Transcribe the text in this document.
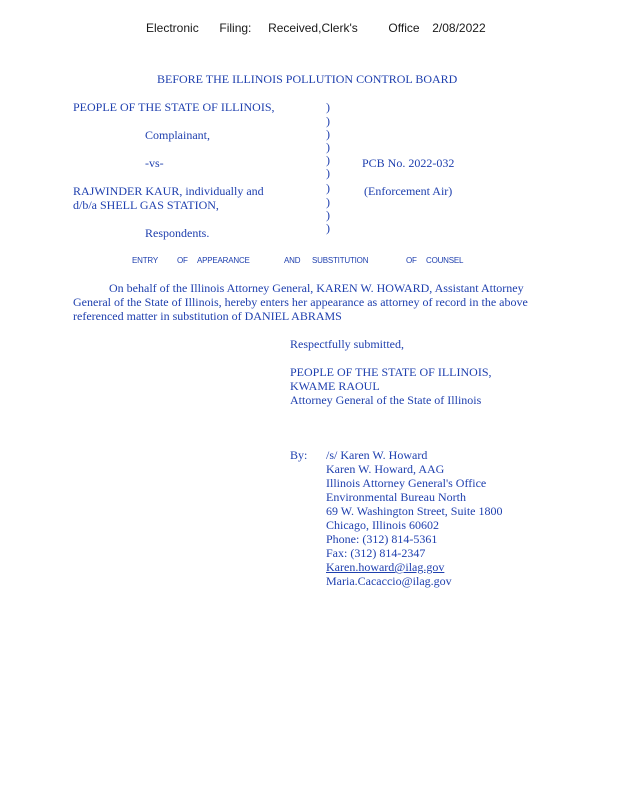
Electronic Filing: Received,Clerk's	Office 2/08/2022
BEFORE THE ILLINOIS POLLUTION CONTROL BOARD
PEOPLE OF THE STATE OF ILLINOIS,
Complainant,
-vs-
RAJWINDER KAUR, individually and
d/b/a SHELL GAS STATION,
Respondents.
)
)
)
)
)
)
)
)
)
)
PCB No. 2022-032
(Enforcement Air)
ENTRY OF APPEARANCE	AND SUBSTITUTION	OF COUNSEL
On behalf of the Illinois Attorney General, KAREN W. HOWARD, Assistant Attorney
General of the State of Illinois, hereby enters her appearance as attorney of record in the above
referenced matter in substitution of DANIEL ABRAMS
Respectfully submitted,
PEOPLE OF THE STATE OF ILLINOIS,
KWAME RAOUL
Attorney General of the State of Illinois
By: /s/ Karen W. Howard
Karen W. Howard, AAG
Illinois Attorney General's Office
Environmental Bureau North
69 W. Washington Street, Suite 1800
Chicago, Illinois 60602
Phone: (312) 814-5361
Fax: (312) 814-2347
Karen.howard@ilag.gov
Maria.Cacaccio@ilag.gov
